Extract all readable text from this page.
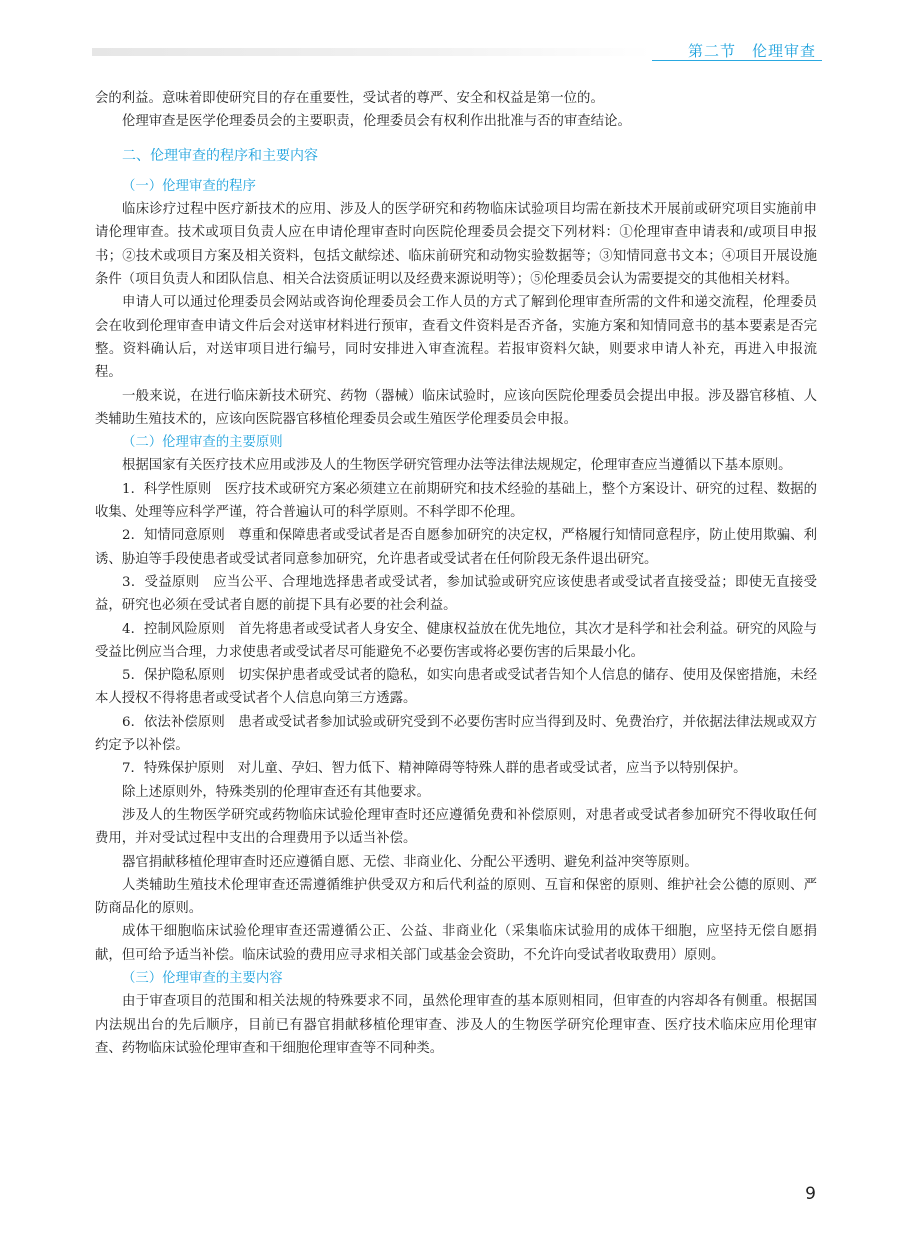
第二节　伦理审查

会的利益。意味着即使研究目的存在重要性，受试者的尊严、安全和权益是第一位的。

伦理审查是医学伦理委员会的主要职责，伦理委员会有权利作出批准与否的审查结论。

二、伦理审查的程序和主要内容

（一）伦理审查的程序

临床诊疗过程中医疗新技术的应用、涉及人的医学研究和药物临床试验项目均需在新技术开展前或研究项目实施前申请伦理审查。技术或项目负责人应在申请伦理审查时向医院伦理委员会提交下列材料：①伦理审查申请表和/或项目申报书；②技术或项目方案及相关资料，包括文献综述、临床前研究和动物实验数据等；③知情同意书文本；④项目开展设施条件（项目负责人和团队信息、相关合法资质证明以及经费来源说明等）；⑤伦理委员会认为需要提交的其他相关材料。

申请人可以通过伦理委员会网站或咨询伦理委员会工作人员的方式了解到伦理审查所需的文件和递交流程，伦理委员会在收到伦理审查申请文件后会对送审材料进行预审，查看文件资料是否齐备，实施方案和知情同意书的基本要素是否完整。资料确认后，对送审项目进行编号，同时安排进入审查流程。若报审资料欠缺，则要求申请人补充，再进入申报流程。

一般来说，在进行临床新技术研究、药物（器械）临床试验时，应该向医院伦理委员会提出申报。涉及器官移植、人类辅助生殖技术的，应该向医院器官移植伦理委员会或生殖医学伦理委员会申报。

（二）伦理审查的主要原则

根据国家有关医疗技术应用或涉及人的生物医学研究管理办法等法律法规规定，伦理审查应当遵循以下基本原则。

1．科学性原则　医疗技术或研究方案必须建立在前期研究和技术经验的基础上，整个方案设计、研究的过程、数据的收集、处理等应科学严谨，符合普遍认可的科学原则。不科学即不伦理。

2．知情同意原则　尊重和保障患者或受试者是否自愿参加研究的决定权，严格履行知情同意程序，防止使用欺骗、利诱、胁迫等手段使患者或受试者同意参加研究，允许患者或受试者在任何阶段无条件退出研究。

3．受益原则　应当公平、合理地选择患者或受试者，参加试验或研究应该使患者或受试者直接受益；即使无直接受益，研究也必须在受试者自愿的前提下具有必要的社会利益。

4．控制风险原则　首先将患者或受试者人身安全、健康权益放在优先地位，其次才是科学和社会利益。研究的风险与受益比例应当合理，力求使患者或受试者尽可能避免不必要伤害或将必要伤害的后果最小化。

5．保护隐私原则　切实保护患者或受试者的隐私，如实向患者或受试者告知个人信息的储存、使用及保密措施，未经本人授权不得将患者或受试者个人信息向第三方透露。

6．依法补偿原则　患者或受试者参加试验或研究受到不必要伤害时应当得到及时、免费治疗，并依据法律法规或双方约定予以补偿。

7．特殊保护原则　对儿童、孕妇、智力低下、精神障碍等特殊人群的患者或受试者，应当予以特别保护。

除上述原则外，特殊类别的伦理审查还有其他要求。

涉及人的生物医学研究或药物临床试验伦理审查时还应遵循免费和补偿原则，对患者或受试者参加研究不得收取任何费用，并对受试过程中支出的合理费用予以适当补偿。

器官捐献移植伦理审查时还应遵循自愿、无偿、非商业化、分配公平透明、避免利益冲突等原则。

人类辅助生殖技术伦理审查还需遵循维护供受双方和后代利益的原则、互盲和保密的原则、维护社会公德的原则、严防商品化的原则。

成体干细胞临床试验伦理审查还需遵循公正、公益、非商业化（采集临床试验用的成体干细胞，应坚持无偿自愿捐献，但可给予适当补偿。临床试验的费用应寻求相关部门或基金会资助，不允许向受试者收取费用）原则。

（三）伦理审查的主要内容

由于审查项目的范围和相关法规的特殊要求不同，虽然伦理审查的基本原则相同，但审查的内容却各有侧重。根据国内法规出台的先后顺序，目前已有器官捐献移植伦理审查、涉及人的生物医学研究伦理审查、医疗技术临床应用伦理审查、药物临床试验伦理审查和干细胞伦理审查等不同种类。

9
